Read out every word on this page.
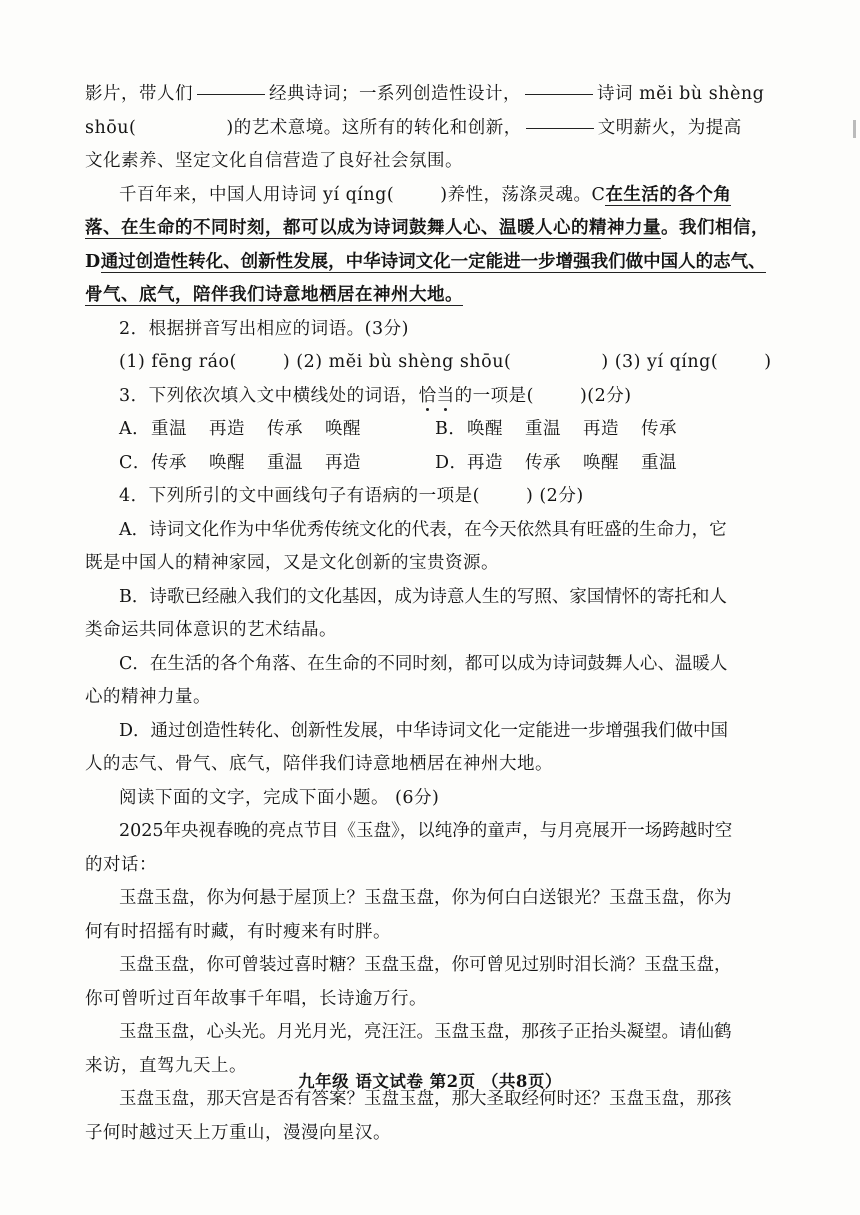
影片，带人们	经典诗词；一系列创造性设计，	诗词 mĕi bù shèng
shōu(	)的艺术意境。这所有的转化和创新，	文明薪火，为提高
文化素养、坚定文化自信营造了良好社会氛围。
千百年来，中国人用诗词 yí qíng(	)养性，荡涤灵魂。C在生活的各个角
落、在生命的不同时刻，都可以成为诗词鼓舞人心、温暖人心的精神力量。我们相信，
D通过创造性转化、创新性发展，中华诗词文化一定能进一步增强我们做中国人的志气、
骨气、底气，陪伴我们诗意地栖居在神州大地。
2．根据拼音写出相应的词语。(3分)
(1) fēng ráo(	) (2) mĕi bù shèng shōu(	) (3) yí qíng(	)
3．下列依次填入文中横线处的词语，恰当的一项是(	)(2分)
A．重温 再造 传承 唤醒	B．唤醒 重温 再造 传承
C．传承 唤醒 重温 再造	D．再造 传承 唤醒 重温
4．下列所引的文中画线句子有语病的一项是(	) (2分)
A．诗词文化作为中华优秀传统文化的代表，在今天依然具有旺盛的生命力，它
既是中国人的精神家园，又是文化创新的宝贵资源。
B．诗歌已经融入我们的文化基因，成为诗意人生的写照、家国情怀的寄托和人
类命运共同体意识的艺术结晶。
C．在生活的各个角落、在生命的不同时刻，都可以成为诗词鼓舞人心、温暖人
心的精神力量。
D．通过创造性转化、创新性发展，中华诗词文化一定能进一步增强我们做中国
人的志气、骨气、底气，陪伴我们诗意地栖居在神州大地。
阅读下面的文字，完成下面小题。 (6分)
2025年央视春晚的亮点节目《玉盘》，以纯净的童声，与月亮展开一场跨越时空
的对话：
玉盘玉盘，你为何悬于屋顶上？玉盘玉盘，你为何白白送银光？玉盘玉盘，你为
何有时招摇有时藏，有时瘦来有时胖。
玉盘玉盘，你可曾装过喜时糖？玉盘玉盘，你可曾见过别时泪长淌？玉盘玉盘，
你可曾听过百年故事千年唱，长诗逾万行。
玉盘玉盘，心头光。月光月光，亮汪汪。玉盘玉盘，那孩子正抬头凝望。请仙鹤
来访，直驾九天上。
玉盘玉盘，那天宫是否有答案？玉盘玉盘，那大圣取经何时还？玉盘玉盘，那孩
子何时越过天上万重山，漫漫向星汉。
九年级 语文试卷 第2页 （共8页）
